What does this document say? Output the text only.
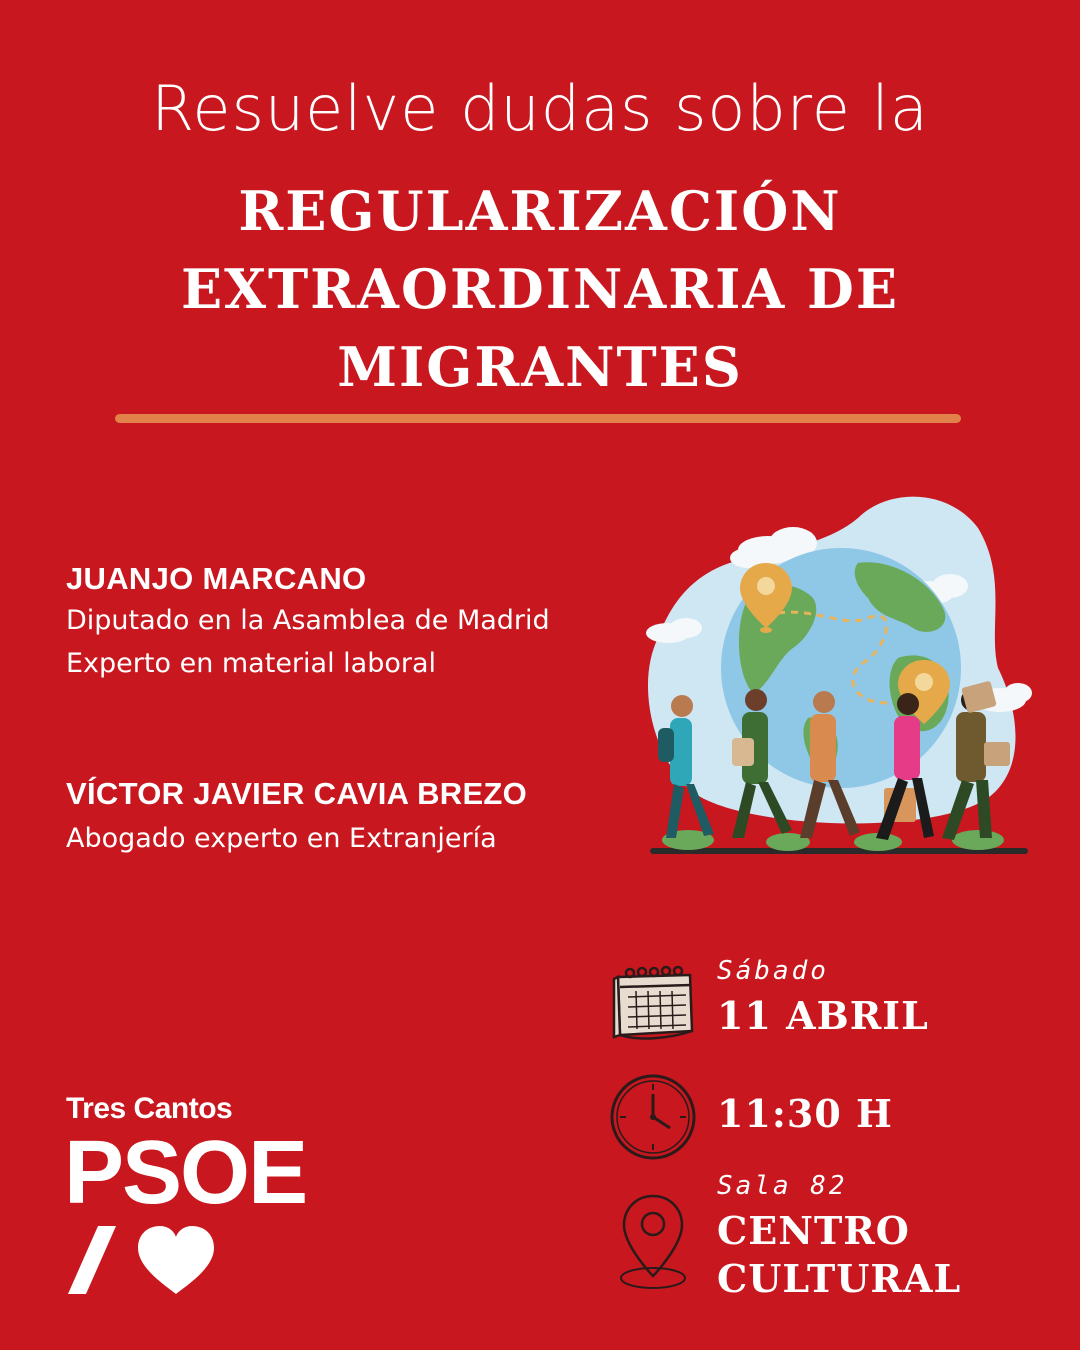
Resuelve dudas sobre la
REGULARIZACIÓN
EXTRAORDINARIA DE
MIGRANTES
JUANJO MARCANO
Diputado en la Asamblea de Madrid
Experto en material laboral
VÍCTOR JAVIER CAVIA BREZO
Abogado experto en Extranjería
Sábado
11 ABRIL
11:30 H
Sala 82
CENTRO
CULTURAL
Tres Cantos
PSOE
